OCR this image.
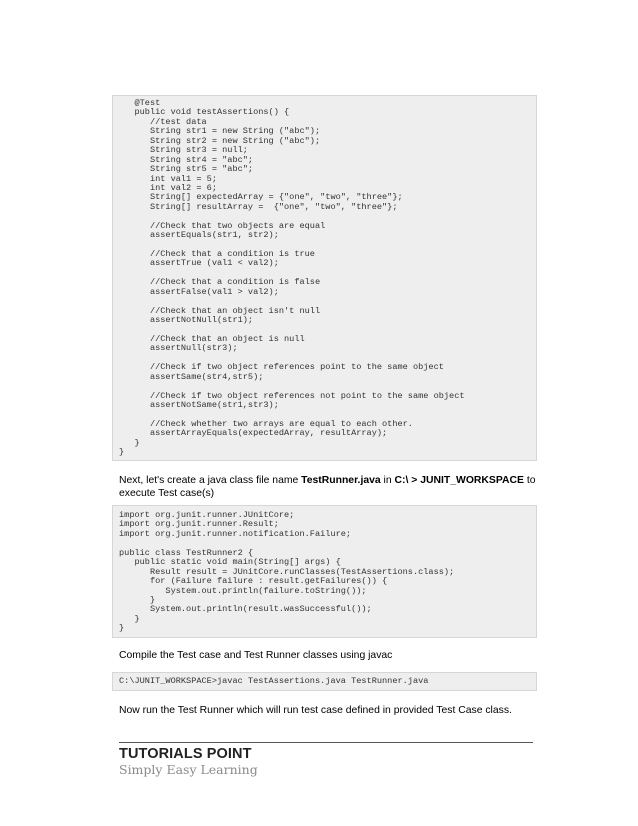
@Test
public void testAssertions() {
//test data
String str1 = new String ("abc");
String str2 = new String ("abc");
String str3 = null;
String str4 = "abc";
String str5 = "abc";
int val1 = 5;
int val2 = 6;
String[] expectedArray = {"one", "two", "three"};
String[] resultArray =  {"one", "two", "three"};

//Check that two objects are equal
assertEquals(str1, str2);

//Check that a condition is true
assertTrue (val1 < val2);

//Check that a condition is false
assertFalse(val1 > val2);

//Check that an object isn't null
assertNotNull(str1);

//Check that an object is null
assertNull(str3);

//Check if two object references point to the same object
assertSame(str4,str5);

//Check if two object references not point to the same object
assertNotSame(str1,str3);

//Check whether two arrays are equal to each other.
assertArrayEquals(expectedArray, resultArray);
}
}
Next, let's create a java class file name TestRunner.java in C:\ > JUNIT_WORKSPACE to execute Test case(s)
import org.junit.runner.JUnitCore;
import org.junit.runner.Result;
import org.junit.runner.notification.Failure;

public class TestRunner2 {
public static void main(String[] args) {
Result result = JUnitCore.runClasses(TestAssertions.class);
for (Failure failure : result.getFailures()) {
System.out.println(failure.toString());
}
System.out.println(result.wasSuccessful());
}
}
Compile the Test case and Test Runner classes using javac
C:\JUNIT_WORKSPACE>javac TestAssertions.java TestRunner.java
Now run the Test Runner which will run test case defined in provided Test Case class.
TUTORIALS POINT
Simply Easy Learning
